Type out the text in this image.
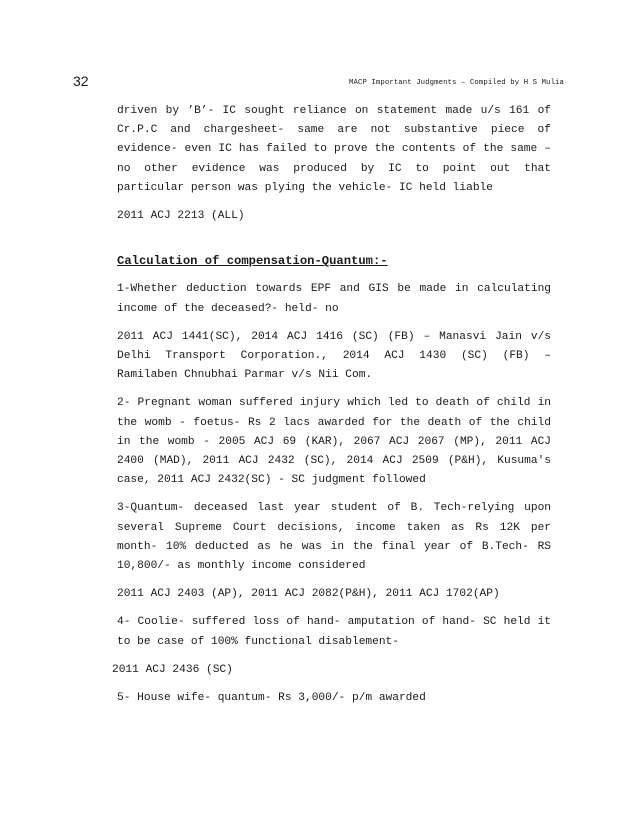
32	MACP Important Judgments – Compiled by H S Mulia

driven by ’B’- IC sought reliance on statement made u/s 161 of Cr.P.C and chargesheet- same are not substantive piece of evidence- even IC has failed to prove the contents of the same – no other evidence was produced by IC to point out that particular person was plying the vehicle- IC held liable

2011 ACJ 2213 (ALL)

Calculation of compensation-Quantum:-

1-Whether deduction towards EPF and GIS be made in calculating income of the deceased?- held- no

2011 ACJ 1441(SC), 2014 ACJ 1416 (SC) (FB) – Manasvi Jain v/s Delhi Transport Corporation., 2014 ACJ 1430 (SC) (FB) – Ramilaben Chnubhai Parmar v/s Nii Com.

2- Pregnant woman suffered injury which led to death of child in the womb - foetus- Rs 2 lacs awarded for the death of the child in the womb - 2005 ACJ 69 (KAR), 2067 ACJ 2067 (MP), 2011 ACJ 2400 (MAD), 2011 ACJ 2432 (SC), 2014 ACJ 2509 (P&H), Kusuma's case, 2011 ACJ 2432(SC) - SC judgment followed

3-Quantum- deceased last year student of B. Tech-relying upon several Supreme Court decisions, income taken as Rs 12K per month- 10% deducted as he was in the final year of B.Tech- RS 10,800/- as monthly income considered

2011 ACJ 2403 (AP), 2011 ACJ 2082(P&H), 2011 ACJ 1702(AP)

4- Coolie- suffered loss of hand- amputation of hand- SC held it to be case of 100% functional disablement-

2011 ACJ 2436 (SC)

5- House wife- quantum- Rs 3,000/- p/m awarded
